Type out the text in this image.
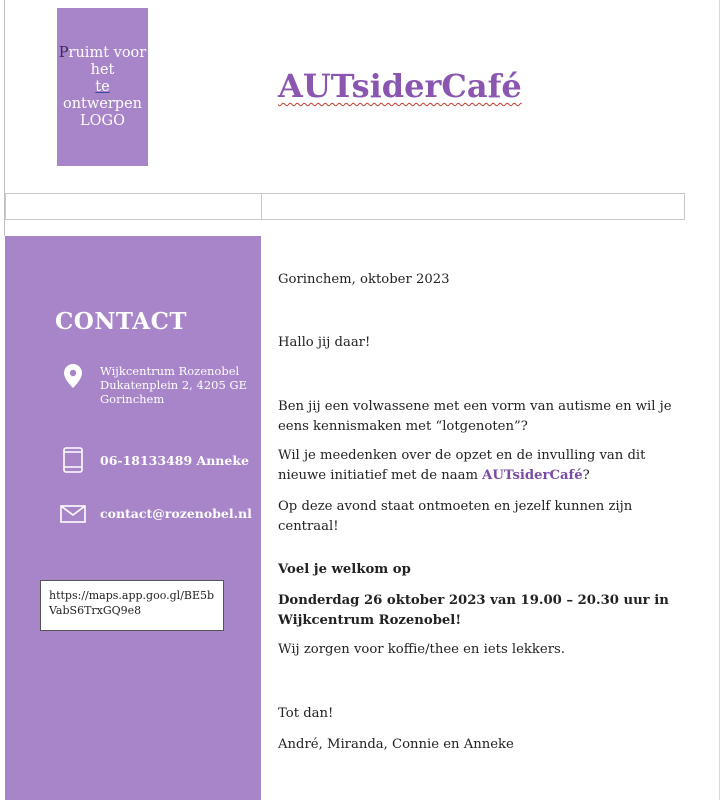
Pruimt voor
het
te
ontwerpen
LOGO
AUTsiderCafé
CONTACT
Wijkcentrum Rozenobel
Dukatenplein 2, 4205 GE
Gorinchem
06-18133489 Anneke
contact@rozenobel.nl
https://maps.app.goo.gl/BE5bVabS6TrxGQ9e8

Gorinchem, oktober 2023

Hallo jij daar!

Ben jij een volwassene met een vorm van autisme en wil je eens kennismaken met “lotgenoten”?

Wil je meedenken over de opzet en de invulling van dit nieuwe initiatief met de naam AUTsiderCafé?

Op deze avond staat ontmoeten en jezelf kunnen zijn centraal!

Voel je welkom op

Donderdag 26 oktober 2023 van 19.00 – 20.30 uur in Wijkcentrum Rozenobel!

Wij zorgen voor koffie/thee en iets lekkers.

Tot dan!

André, Miranda, Connie en Anneke
